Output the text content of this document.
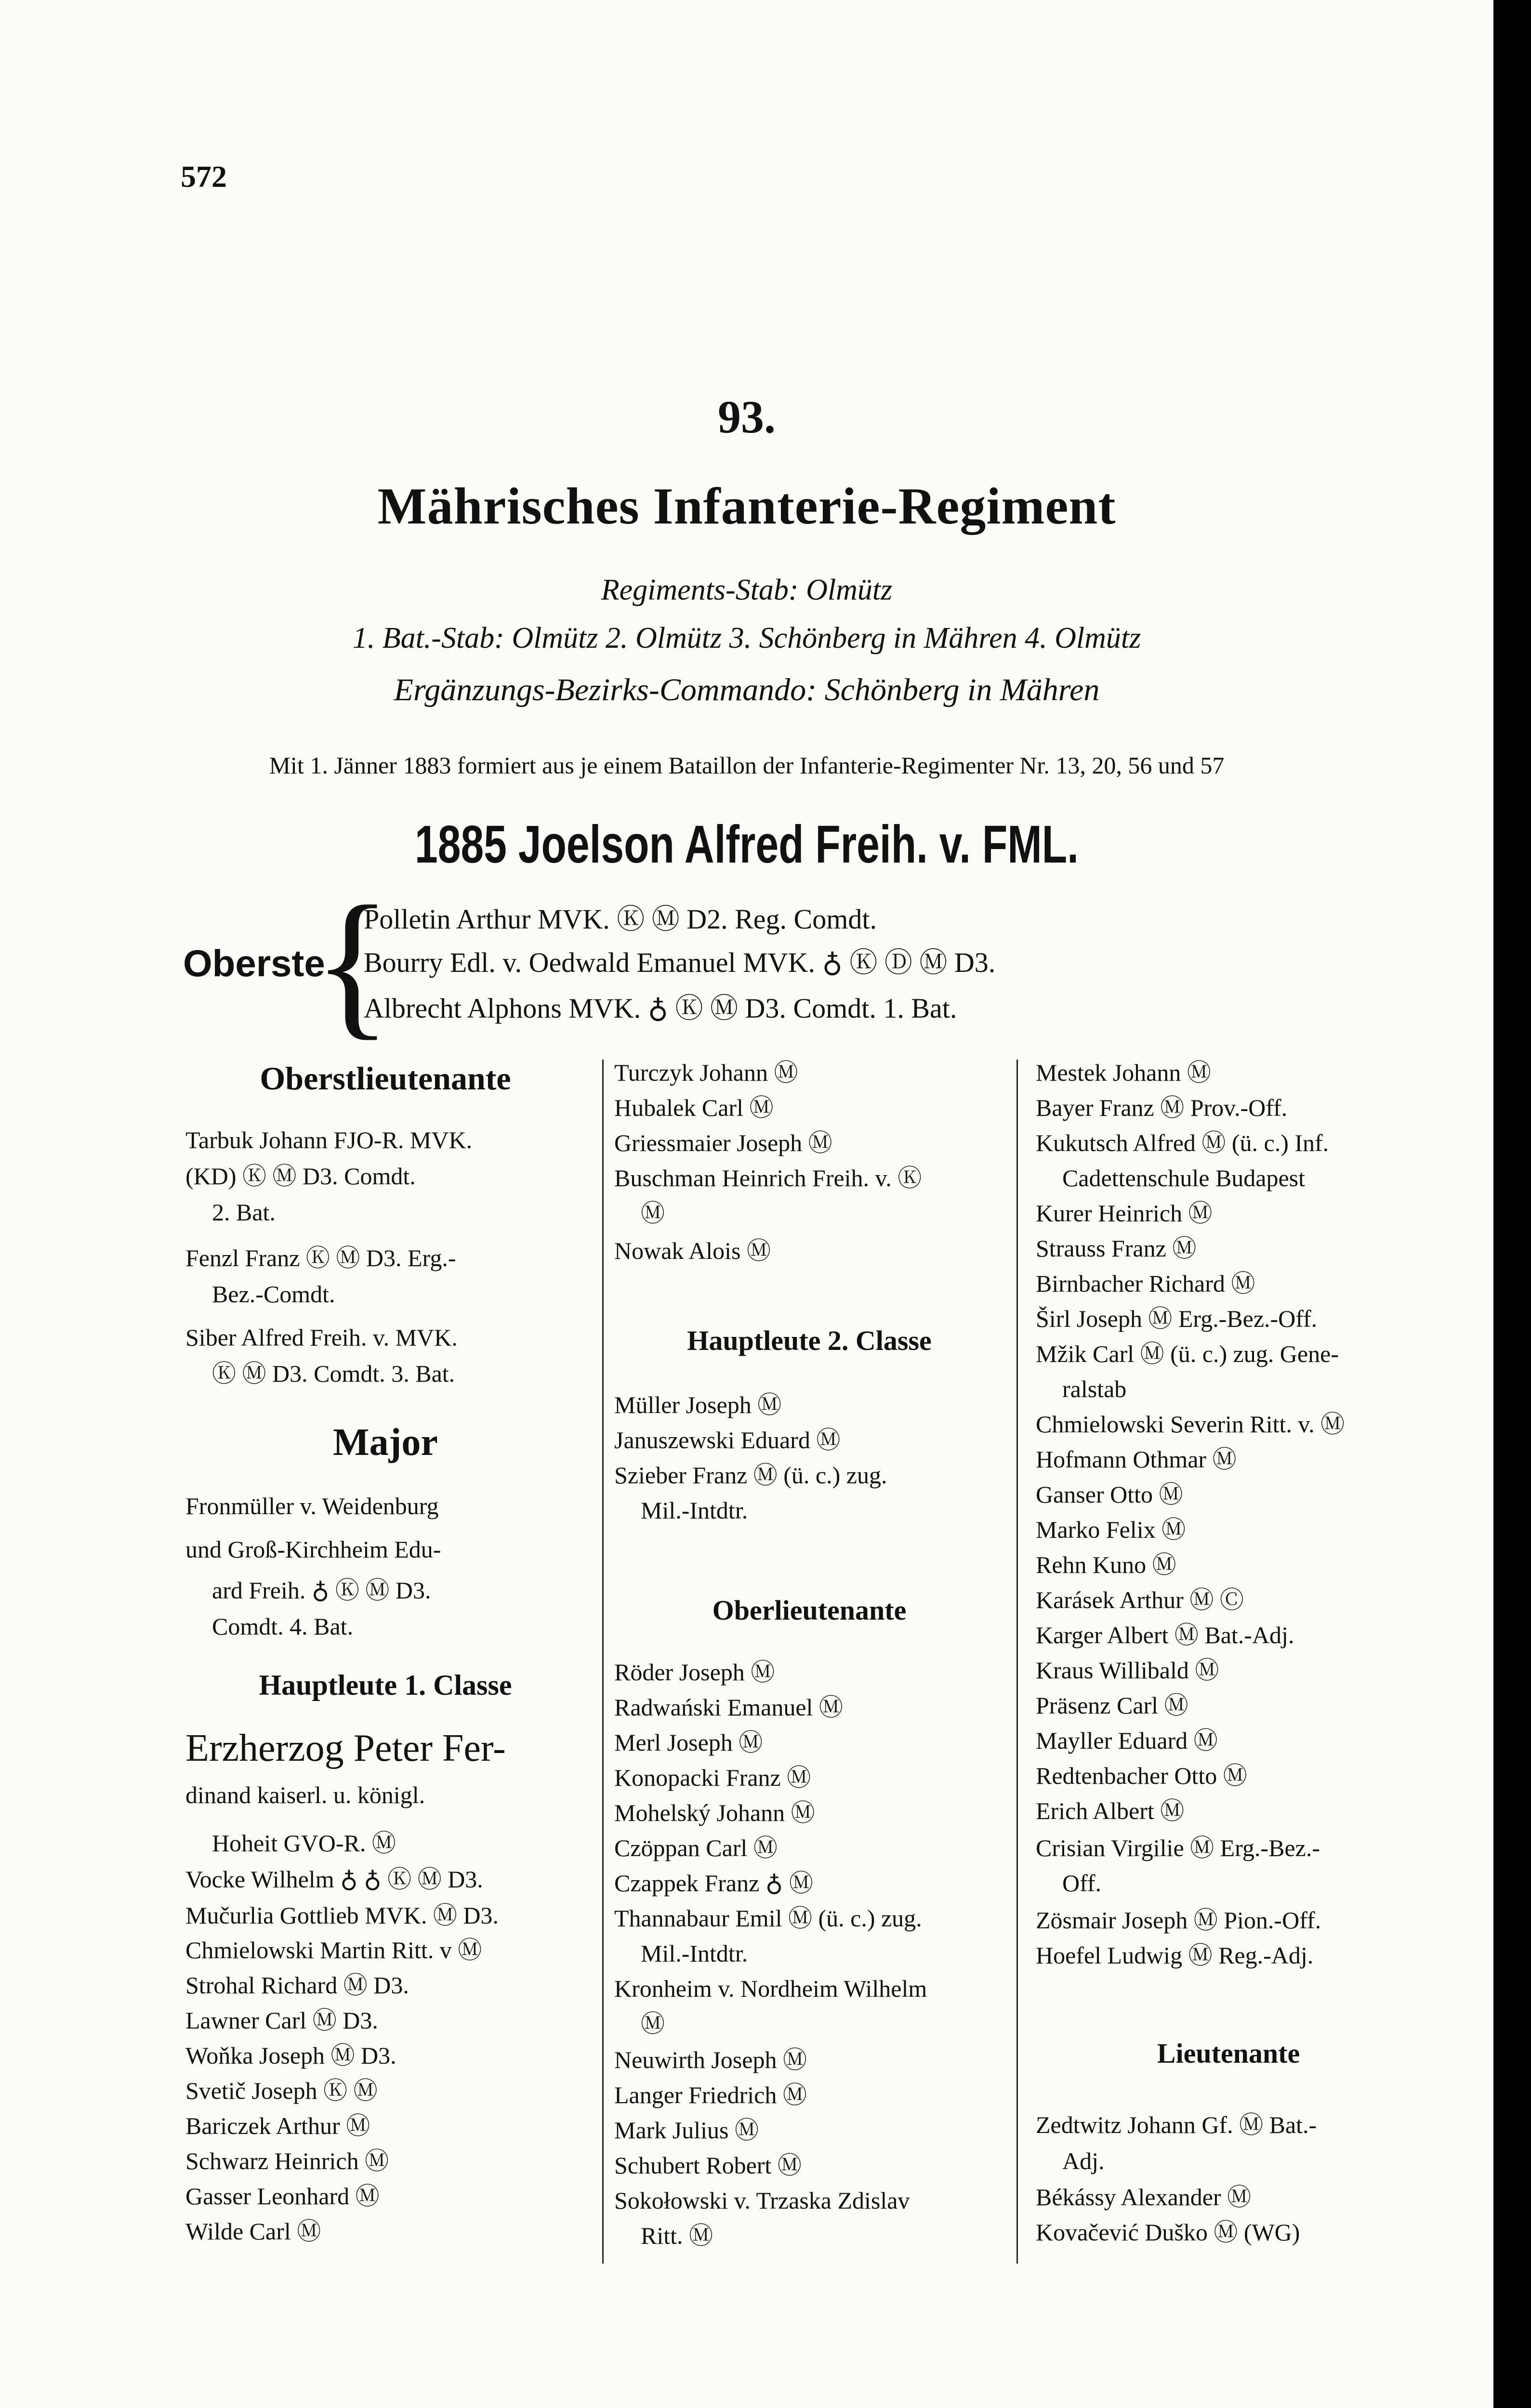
572
93.
Mährisches Infanterie-Regiment
Regiments-Stab: Olmütz
1. Bat.-Stab: Olmütz 2. Olmütz 3. Schönberg in Mähren 4. Olmütz
Ergänzungs-Bezirks-Commando: Schönberg in Mähren
Mit 1. Jänner 1883 formiert aus je einem Bataillon der Infanterie-Regimenter Nr. 13, 20, 56 und 57
1885 Joelson Alfred Freih. v. FML.
Oberste
{
Polletin Arthur MVK. Ⓚ Ⓜ D2. Reg. Comdt.
Bourry Edl. v. Oedwald Emanuel MVK. ♁ Ⓚ Ⓓ Ⓜ D3.
Albrecht Alphons MVK. ♁ Ⓚ Ⓜ D3. Comdt. 1. Bat.
Oberstlieutenante
Tarbuk Johann FJO-R. MVK.
(KD) Ⓚ Ⓜ D3. Comdt.
2. Bat.
Fenzl Franz Ⓚ Ⓜ D3. Erg.-
Bez.-Comdt.
Siber Alfred Freih. v. MVK.
Ⓚ Ⓜ D3. Comdt. 3. Bat.
Major
Fronmüller v. Weidenburg
und Groß-Kirchheim Edu-
ard Freih. ♁ Ⓚ Ⓜ D3.
Comdt. 4. Bat.
Hauptleute 1. Classe
Erzherzog Peter Fer-
dinand kaiserl. u. königl.
Hoheit GVO-R. Ⓜ
Vocke Wilhelm ♁ ♁ Ⓚ Ⓜ D3.
Mučurlia Gottlieb MVK. Ⓜ D3.
Chmielowski Martin Ritt. v Ⓜ
Strohal Richard Ⓜ D3.
Lawner Carl Ⓜ D3.
Woňka Joseph Ⓜ D3.
Svetič Joseph Ⓚ Ⓜ
Bariczek Arthur Ⓜ
Schwarz Heinrich Ⓜ
Gasser Leonhard Ⓜ
Wilde Carl Ⓜ
Turczyk Johann Ⓜ
Hubalek Carl Ⓜ
Griessmaier Joseph Ⓜ
Buschman Heinrich Freih. v. Ⓚ
Ⓜ
Nowak Alois Ⓜ
Hauptleute 2. Classe
Müller Joseph Ⓜ
Januszewski Eduard Ⓜ
Szieber Franz Ⓜ (ü. c.) zug.
Mil.-Intdtr.
Oberlieutenante
Röder Joseph Ⓜ
Radwański Emanuel Ⓜ
Merl Joseph Ⓜ
Konopacki Franz Ⓜ
Mohelský Johann Ⓜ
Czöppan Carl Ⓜ
Czappek Franz ♁ Ⓜ
Thannabaur Emil Ⓜ (ü. c.) zug.
Mil.-Intdtr.
Kronheim v. Nordheim Wilhelm
Ⓜ
Neuwirth Joseph Ⓜ
Langer Friedrich Ⓜ
Mark Julius Ⓜ
Schubert Robert Ⓜ
Sokołowski v. Trzaska Zdislav
Ritt. Ⓜ
Mestek Johann Ⓜ
Bayer Franz Ⓜ Prov.-Off.
Kukutsch Alfred Ⓜ (ü. c.) Inf.
Cadettenschule Budapest
Kurer Heinrich Ⓜ
Strauss Franz Ⓜ
Birnbacher Richard Ⓜ
Širl Joseph Ⓜ Erg.-Bez.-Off.
Mžik Carl Ⓜ (ü. c.) zug. Gene-
ralstab
Chmielowski Severin Ritt. v. Ⓜ
Hofmann Othmar Ⓜ
Ganser Otto Ⓜ
Marko Felix Ⓜ
Rehn Kuno Ⓜ
Karásek Arthur Ⓜ Ⓒ
Karger Albert Ⓜ Bat.-Adj.
Kraus Willibald Ⓜ
Präsenz Carl Ⓜ
Mayller Eduard Ⓜ
Redtenbacher Otto Ⓜ
Erich Albert Ⓜ
Crisian Virgilie Ⓜ Erg.-Bez.-
Off.
Zösmair Joseph Ⓜ Pion.-Off.
Hoefel Ludwig Ⓜ Reg.-Adj.
Lieutenante
Zedtwitz Johann Gf. Ⓜ Bat.-
Adj.
Békássy Alexander Ⓜ
Kovačević Duško Ⓜ (WG)
